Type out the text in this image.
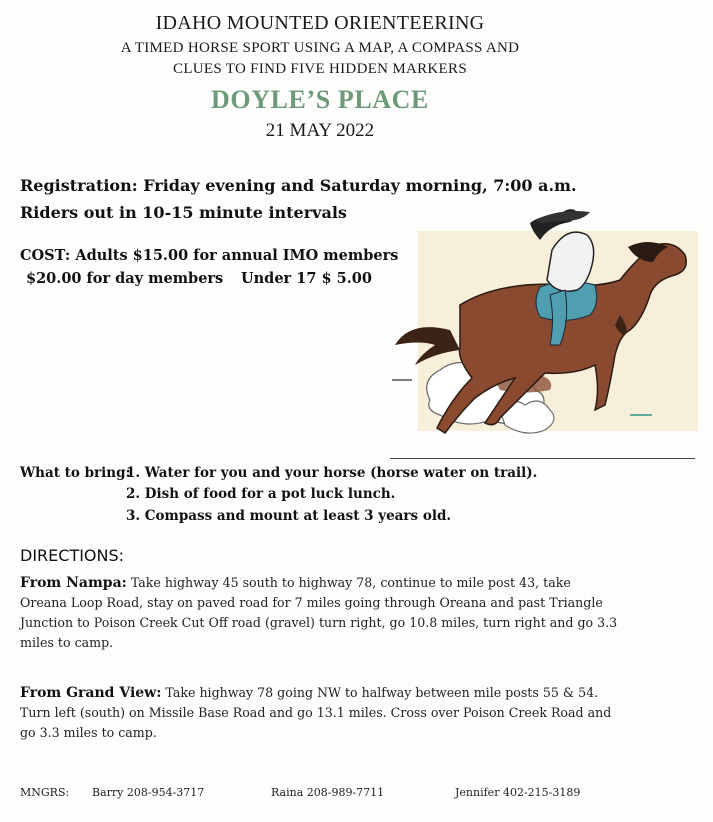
IDAHO MOUNTED ORIENTEERING
A TIMED HORSE SPORT USING A MAP, A COMPASS AND
CLUES TO FIND FIVE HIDDEN MARKERS
DOYLE’S PLACE
21 MAY 2022
Registration: Friday evening and Saturday morning, 7:00 a.m.
Riders out in 10-15 minute intervals
COST: Adults $15.00 for annual IMO members
$20.00 for day members Under 17 $ 5.00
What to bring:
1. Water for you and your horse (horse water on trail).
2. Dish of food for a pot luck lunch.
3. Compass and mount at least 3 years old.
DIRECTIONS:
From Nampa: Take highway 45 south to highway 78, continue to mile post 43, take Oreana Loop Road, stay on paved road for 7 miles going through Oreana and past Triangle Junction to Poison Creek Cut Off road (gravel) turn right, go 10.8 miles, turn right and go 3.3 miles to camp.
From Grand View: Take highway 78 going NW to halfway between mile posts 55 & 54. Turn left (south) on Missile Base Road and go 13.1 miles. Cross over Poison Creek Road and go 3.3 miles to camp.
MNGRS: Barry 208-954-3717	Raina 208-989-7711	Jennifer 402-215-3189
